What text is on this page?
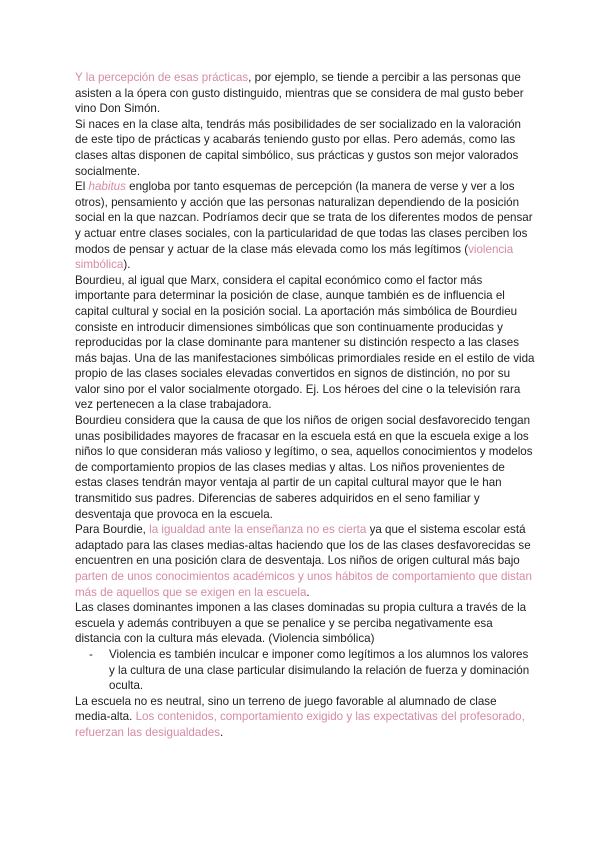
Y la percepción de esas prácticas, por ejemplo, se tiende a percibir a las personas que asisten a la ópera con gusto distinguido, mientras que se considera de mal gusto beber vino Don Simón.

Si naces en la clase alta, tendrás más posibilidades de ser socializado en la valoración de este tipo de prácticas y acabarás teniendo gusto por ellas. Pero además, como las clases altas disponen de capital simbólico, sus prácticas y gustos son mejor valorados socialmente.

El habitus engloba por tanto esquemas de percepción (la manera de verse y ver a los otros), pensamiento y acción que las personas naturalizan dependiendo de la posición social en la que nazcan. Podríamos decir que se trata de los diferentes modos de pensar y actuar entre clases sociales, con la particularidad de que todas las clases perciben los modos de pensar y actuar de la clase más elevada como los más legítimos (violencia simbólica).

Bourdieu, al igual que Marx, considera el capital económico como el factor más importante para determinar la posición de clase, aunque también es de influencia el capital cultural y social en la posición social. La aportación más simbólica de Bourdieu consiste en introducir dimensiones simbólicas que son continuamente producidas y reproducidas por la clase dominante para mantener su distinción respecto a las clases más bajas. Una de las manifestaciones simbólicas primordiales reside en el estilo de vida propio de las clases sociales elevadas convertidos en signos de distinción, no por su valor sino por el valor socialmente otorgado. Ej. Los héroes del cine o la televisión rara vez pertenecen a la clase trabajadora.

Bourdieu considera que la causa de que los niños de origen social desfavorecido tengan unas posibilidades mayores de fracasar en la escuela está en que la escuela exige a los niños lo que consideran más valioso y legítimo, o sea, aquellos conocimientos y modelos de comportamiento propios de las clases medias y altas. Los niños provenientes de estas clases tendrán mayor ventaja al partir de un capital cultural mayor que le han transmitido sus padres. Diferencias de saberes adquiridos en el seno familiar y desventaja que provoca en la escuela.

Para Bourdie, la igualdad ante la enseñanza no es cierta ya que el sistema escolar está adaptado para las clases medias-altas haciendo que los de las clases desfavorecidas se encuentren en una posición clara de desventaja. Los niños de origen cultural más bajo parten de unos conocimientos académicos y unos hábitos de comportamiento que distan más de aquellos que se exigen en la escuela.

Las clases dominantes imponen a las clases dominadas su propia cultura a través de la escuela y además contribuyen a que se penalice y se perciba negativamente esa distancia con la cultura más elevada. (Violencia simbólica)

- Violencia es también inculcar e imponer como legítimos a los alumnos los valores y la cultura de una clase particular disimulando la relación de fuerza y dominación oculta.

La escuela no es neutral, sino un terreno de juego favorable al alumnado de clase media-alta. Los contenidos, comportamiento exigido y las expectativas del profesorado, refuerzan las desigualdades.
